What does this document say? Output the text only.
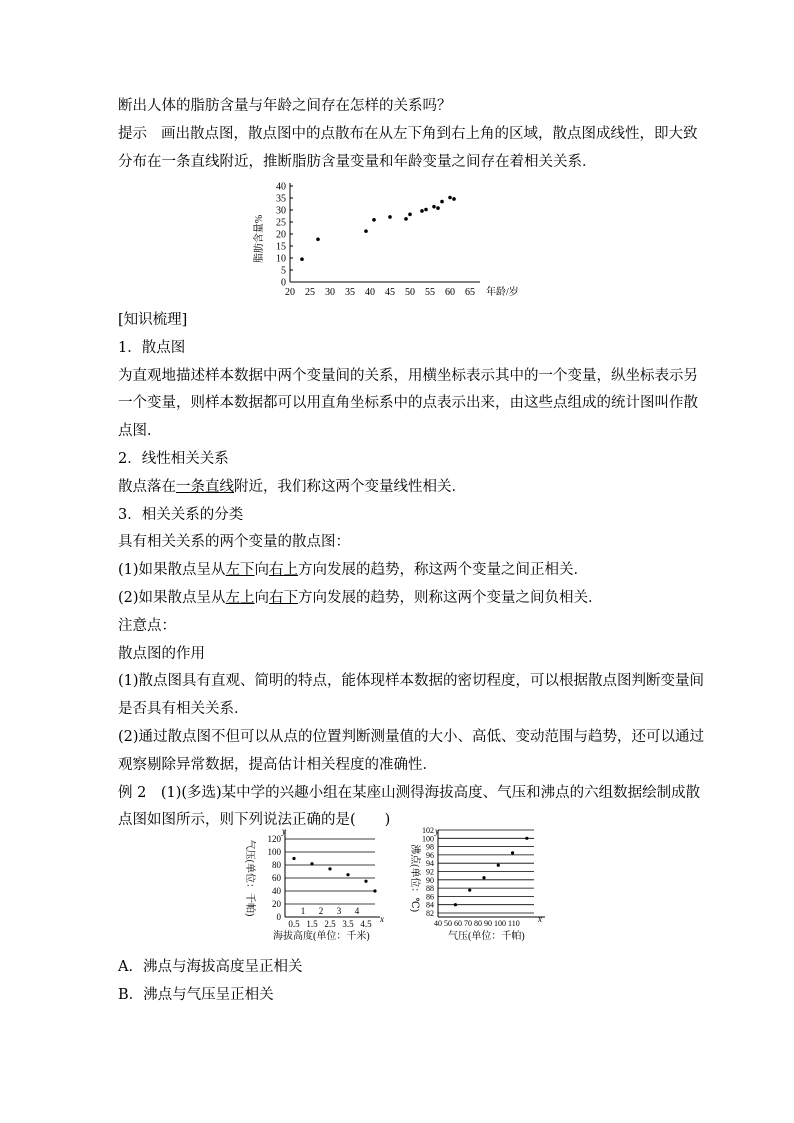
断出人体的脂肪含量与年龄之间存在怎样的关系吗？
提示 画出散点图，散点图中的点散布在从左下角到右上角的区域，散点图成线性，即大致
分布在一条直线附近，推断脂肪含量变量和年龄变量之间存在着相关关系．
脂肪含量%
0
5
10
15
20
25
30
35
40
20 25 30 35 40 45 50 55 60 65 年龄/岁
[知识梳理]
1．散点图
为直观地描述样本数据中两个变量间的关系，用横坐标表示其中的一个变量，纵坐标表示另
一个变量，则样本数据都可以用直角坐标系中的点表示出来，由这些点组成的统计图叫作散
点图．
2．线性相关关系
散点落在一条直线附近，我们称这两个变量线性相关．
3．相关关系的分类
具有相关关系的两个变量的散点图：
(1)如果散点呈从左下向右上方向发展的趋势，称这两个变量之间正相关．
(2)如果散点呈从左上向右下方向发展的趋势，则称这两个变量之间负相关．
注意点：
散点图的作用
(1)散点图具有直观、简明的特点，能体现样本数据的密切程度，可以根据散点图判断变量间
是否具有相关关系．
(2)通过散点图不但可以从点的位置判断测量值的大小、高低、变动范围与趋势，还可以通过
观察剔除异常数据，提高估计相关程度的准确性．
例 2　(1)(多选)某中学的兴趣小组在某座山测得海拔高度、气压和沸点的六组数据绘制成散
点图如图所示，则下列说法正确的是(　　)
气压(单位：千帕)
y
x
0
20
40
60
80
100
120
1 2 3 4
0.5 1.5 2.5 3.5 4.5
海拔高度(单位：千米)
沸点(单位：℃)
y
x
82
84
86
88
90
92
94
96
98
100
102
40 50 60 70 80 90 100 110
气压(单位：千帕)
A．沸点与海拔高度呈正相关
B．沸点与气压呈正相关
